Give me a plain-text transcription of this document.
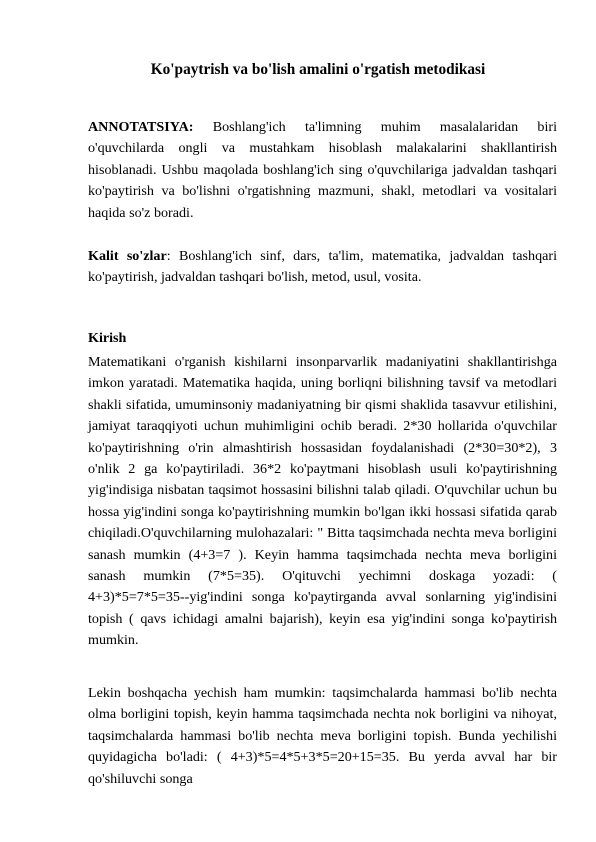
Ko'paytrish va bo'lish amalini o'rgatish metodikasi

ANNOTATSIYA: Boshlang'ich ta'limning muhim masalalaridan biri o'quvchilarda ongli va mustahkam hisoblash malakalarini shakllantirish hisoblanadi. Ushbu maqolada boshlang'ich sing o'quvchilariga jadvaldan tashqari ko'paytirish va bo'lishni o'rgatishning mazmuni, shakl, metodlari va vositalari haqida so'z boradi.

Kalit so'zlar: Boshlang'ich sinf, dars, ta'lim, matematika, jadvaldan tashqari ko'paytirish, jadvaldan tashqari bo'lish, metod, usul, vosita.

Kirish

Matematikani o'rganish kishilarni insonparvarlik madaniyatini shakllantirishga imkon yaratadi. Matematika haqida, uning borliqni bilishning tavsif va metodlari shakli sifatida, umuminsoniy madaniyatning bir qismi shaklida tasavvur etilishini, jamiyat taraqqiyoti uchun muhimligini ochib beradi. 2*30 hollarida o'quvchilar ko'paytirishning o'rin almashtirish hossasidan foydalanishadi (2*30=30*2), 3 o'nlik 2 ga ko'paytiriladi. 36*2 ko'paytmani hisoblash usuli ko'paytirishning yig'indisiga nisbatan taqsimot hossasini bilishni talab qiladi. O'quvchilar uchun bu hossa yig'indini songa ko'paytirishning mumkin bo'lgan ikki hossasi sifatida qarab chiqiladi.O'quvchilarning mulohazalari: " Bitta taqsimchada nechta meva borligini sanash mumkin (4+3=7 ). Keyin hamma taqsimchada nechta meva borligini sanash mumkin (7*5=35). O'qituvchi yechimni doskaga yozadi: ( 4+3)*5=7*5=35--yig'indini songa ko'paytirganda avval sonlarning yig'indisini topish ( qavs ichidagi amalni bajarish), keyin esa yig'indini songa ko'paytirish mumkin.

Lekin boshqacha yechish ham mumkin: taqsimchalarda hammasi bo'lib nechta olma borligini topish, keyin hamma taqsimchada nechta nok borligini va nihoyat, taqsimchalarda hammasi bo'lib nechta meva borligini topish. Bunda yechilishi quyidagicha bo'ladi: ( 4+3)*5=4*5+3*5=20+15=35. Bu yerda avval har bir qo'shiluvchi songa
